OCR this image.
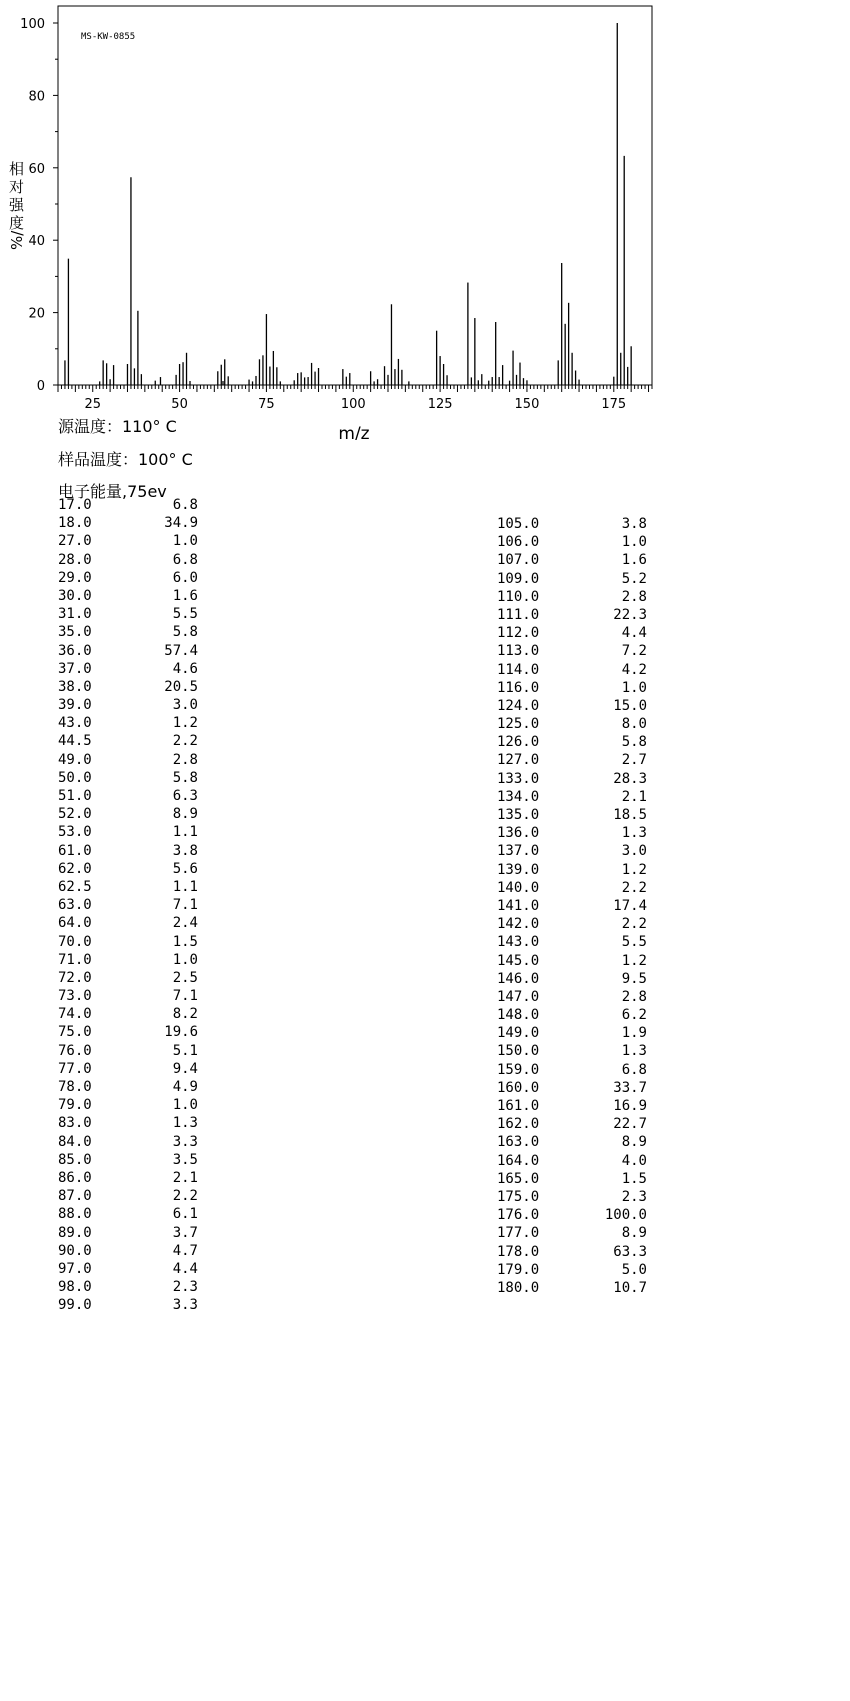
MS-KW-0855
0
20
40
60
80
100
25	50	75	100	125	150	175
m/z
相
对
强
度
%/
源温度：110° C
样品温度：100° C
电子能量,75ev
17.0	6.8
18.0	34.9
27.0	1.0
28.0	6.8
29.0	6.0
30.0	1.6
31.0	5.5
35.0	5.8
36.0	57.4
37.0	4.6
38.0	20.5
39.0	3.0
43.0	1.2
44.5	2.2
49.0	2.8
50.0	5.8
51.0	6.3
52.0	8.9
53.0	1.1
61.0	3.8
62.0	5.6
62.5	1.1
63.0	7.1
64.0	2.4
70.0	1.5
71.0	1.0
72.0	2.5
73.0	7.1
74.0	8.2
75.0	19.6
76.0	5.1
77.0	9.4
78.0	4.9
79.0	1.0
83.0	1.3
84.0	3.3
85.0	3.5
86.0	2.1
87.0	2.2
88.0	6.1
89.0	3.7
90.0	4.7
97.0	4.4
98.0	2.3
99.0	3.3
105.0	3.8
106.0	1.0
107.0	1.6
109.0	5.2
110.0	2.8
111.0	22.3
112.0	4.4
113.0	7.2
114.0	4.2
116.0	1.0
124.0	15.0
125.0	8.0
126.0	5.8
127.0	2.7
133.0	28.3
134.0	2.1
135.0	18.5
136.0	1.3
137.0	3.0
139.0	1.2
140.0	2.2
141.0	17.4
142.0	2.2
143.0	5.5
145.0	1.2
146.0	9.5
147.0	2.8
148.0	6.2
149.0	1.9
150.0	1.3
159.0	6.8
160.0	33.7
161.0	16.9
162.0	22.7
163.0	8.9
164.0	4.0
165.0	1.5
175.0	2.3
176.0	100.0
177.0	8.9
178.0	63.3
179.0	5.0
180.0	10.7
